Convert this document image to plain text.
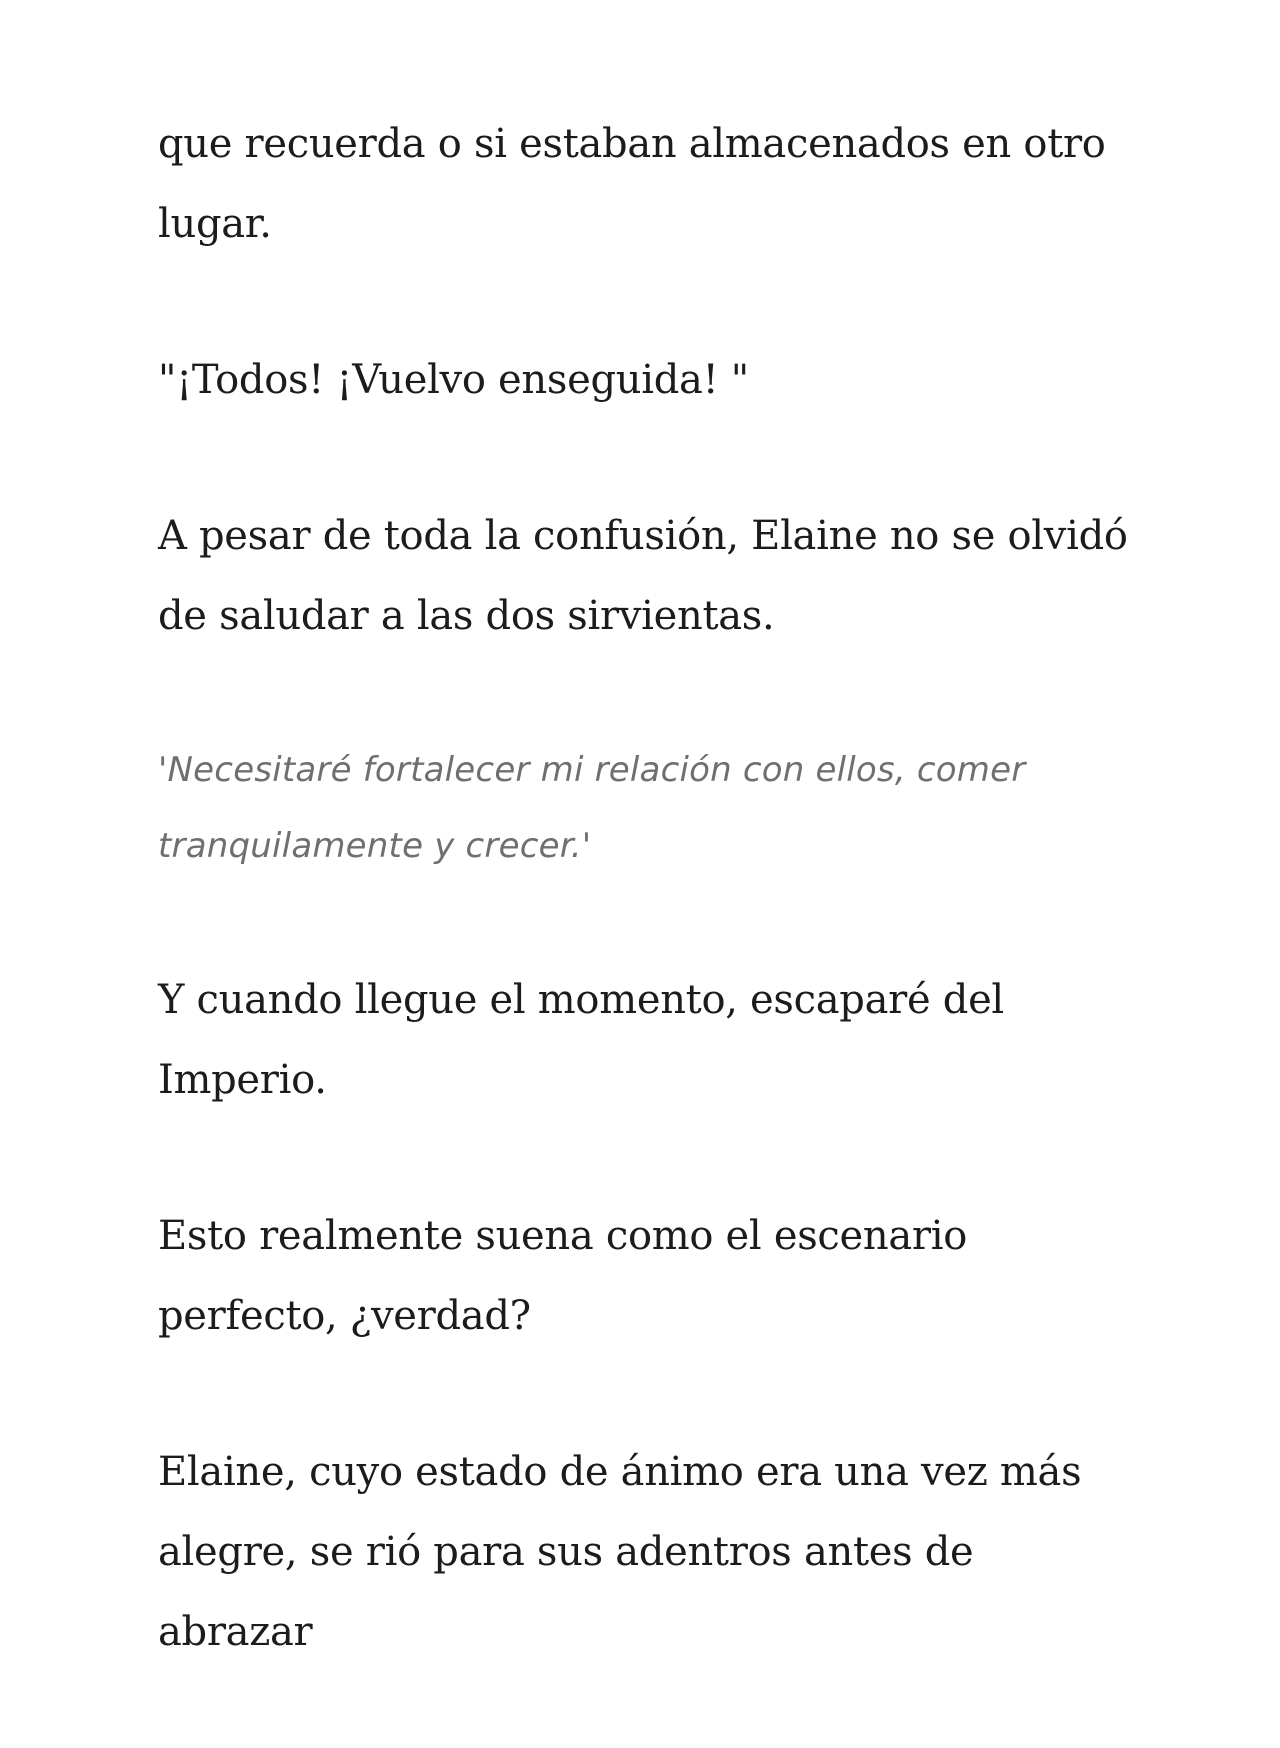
que recuerda o si estaban almacenados en otro lugar.

"¡Todos! ¡Vuelvo enseguida! "

A pesar de toda la confusión, Elaine no se olvidó de saludar a las dos sirvientas.

'Necesitaré fortalecer mi relación con ellos, comer tranquilamente y crecer.'

Y cuando llegue el momento, escaparé del Imperio.

Esto realmente suena como el escenario perfecto, ¿verdad?

Elaine, cuyo estado de ánimo era una vez más alegre, se rió para sus adentros antes de abrazar
